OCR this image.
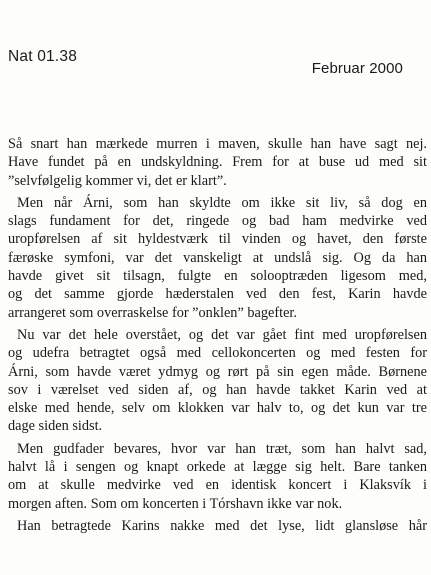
Nat 01.38
Februar 2000
Så snart han mærkede murren i maven, skulle han have sagt nej.
Have fundet på en undskyldning. Frem for at buse ud med sit
”selvfølgelig kommer vi, det er klart”.
Men når Árni, som han skyldte om ikke sit liv, så dog en
slags fundament for det, ringede og bad ham medvirke ved
uropførelsen af sit hyldestværk til vinden og havet, den første
færøske symfoni, var det vanskeligt at undslå sig. Og da han
havde givet sit tilsagn, fulgte en solooptræden ligesom med,
og det samme gjorde hæderstalen ved den fest, Karin havde
arrangeret som overraskelse for ”onklen” bagefter.
Nu var det hele overstået, og det var gået fint med uropførelsen
og udefra betragtet også med cellokoncerten og med festen for
Árni, som havde været ydmyg og rørt på sin egen måde. Børnene
sov i værelset ved siden af, og han havde takket Karin ved at
elske med hende, selv om klokken var halv to, og det kun var tre
dage siden sidst.
Men gudfader bevares, hvor var han træt, som han halvt sad,
halvt lå i sengen og knapt orkede at lægge sig helt. Bare tanken
om at skulle medvirke ved en identisk koncert i Klaksvík i
morgen aften. Som om koncerten i Tórshavn ikke var nok.
Han betragtede Karins nakke med det lyse, lidt glansløse hår
